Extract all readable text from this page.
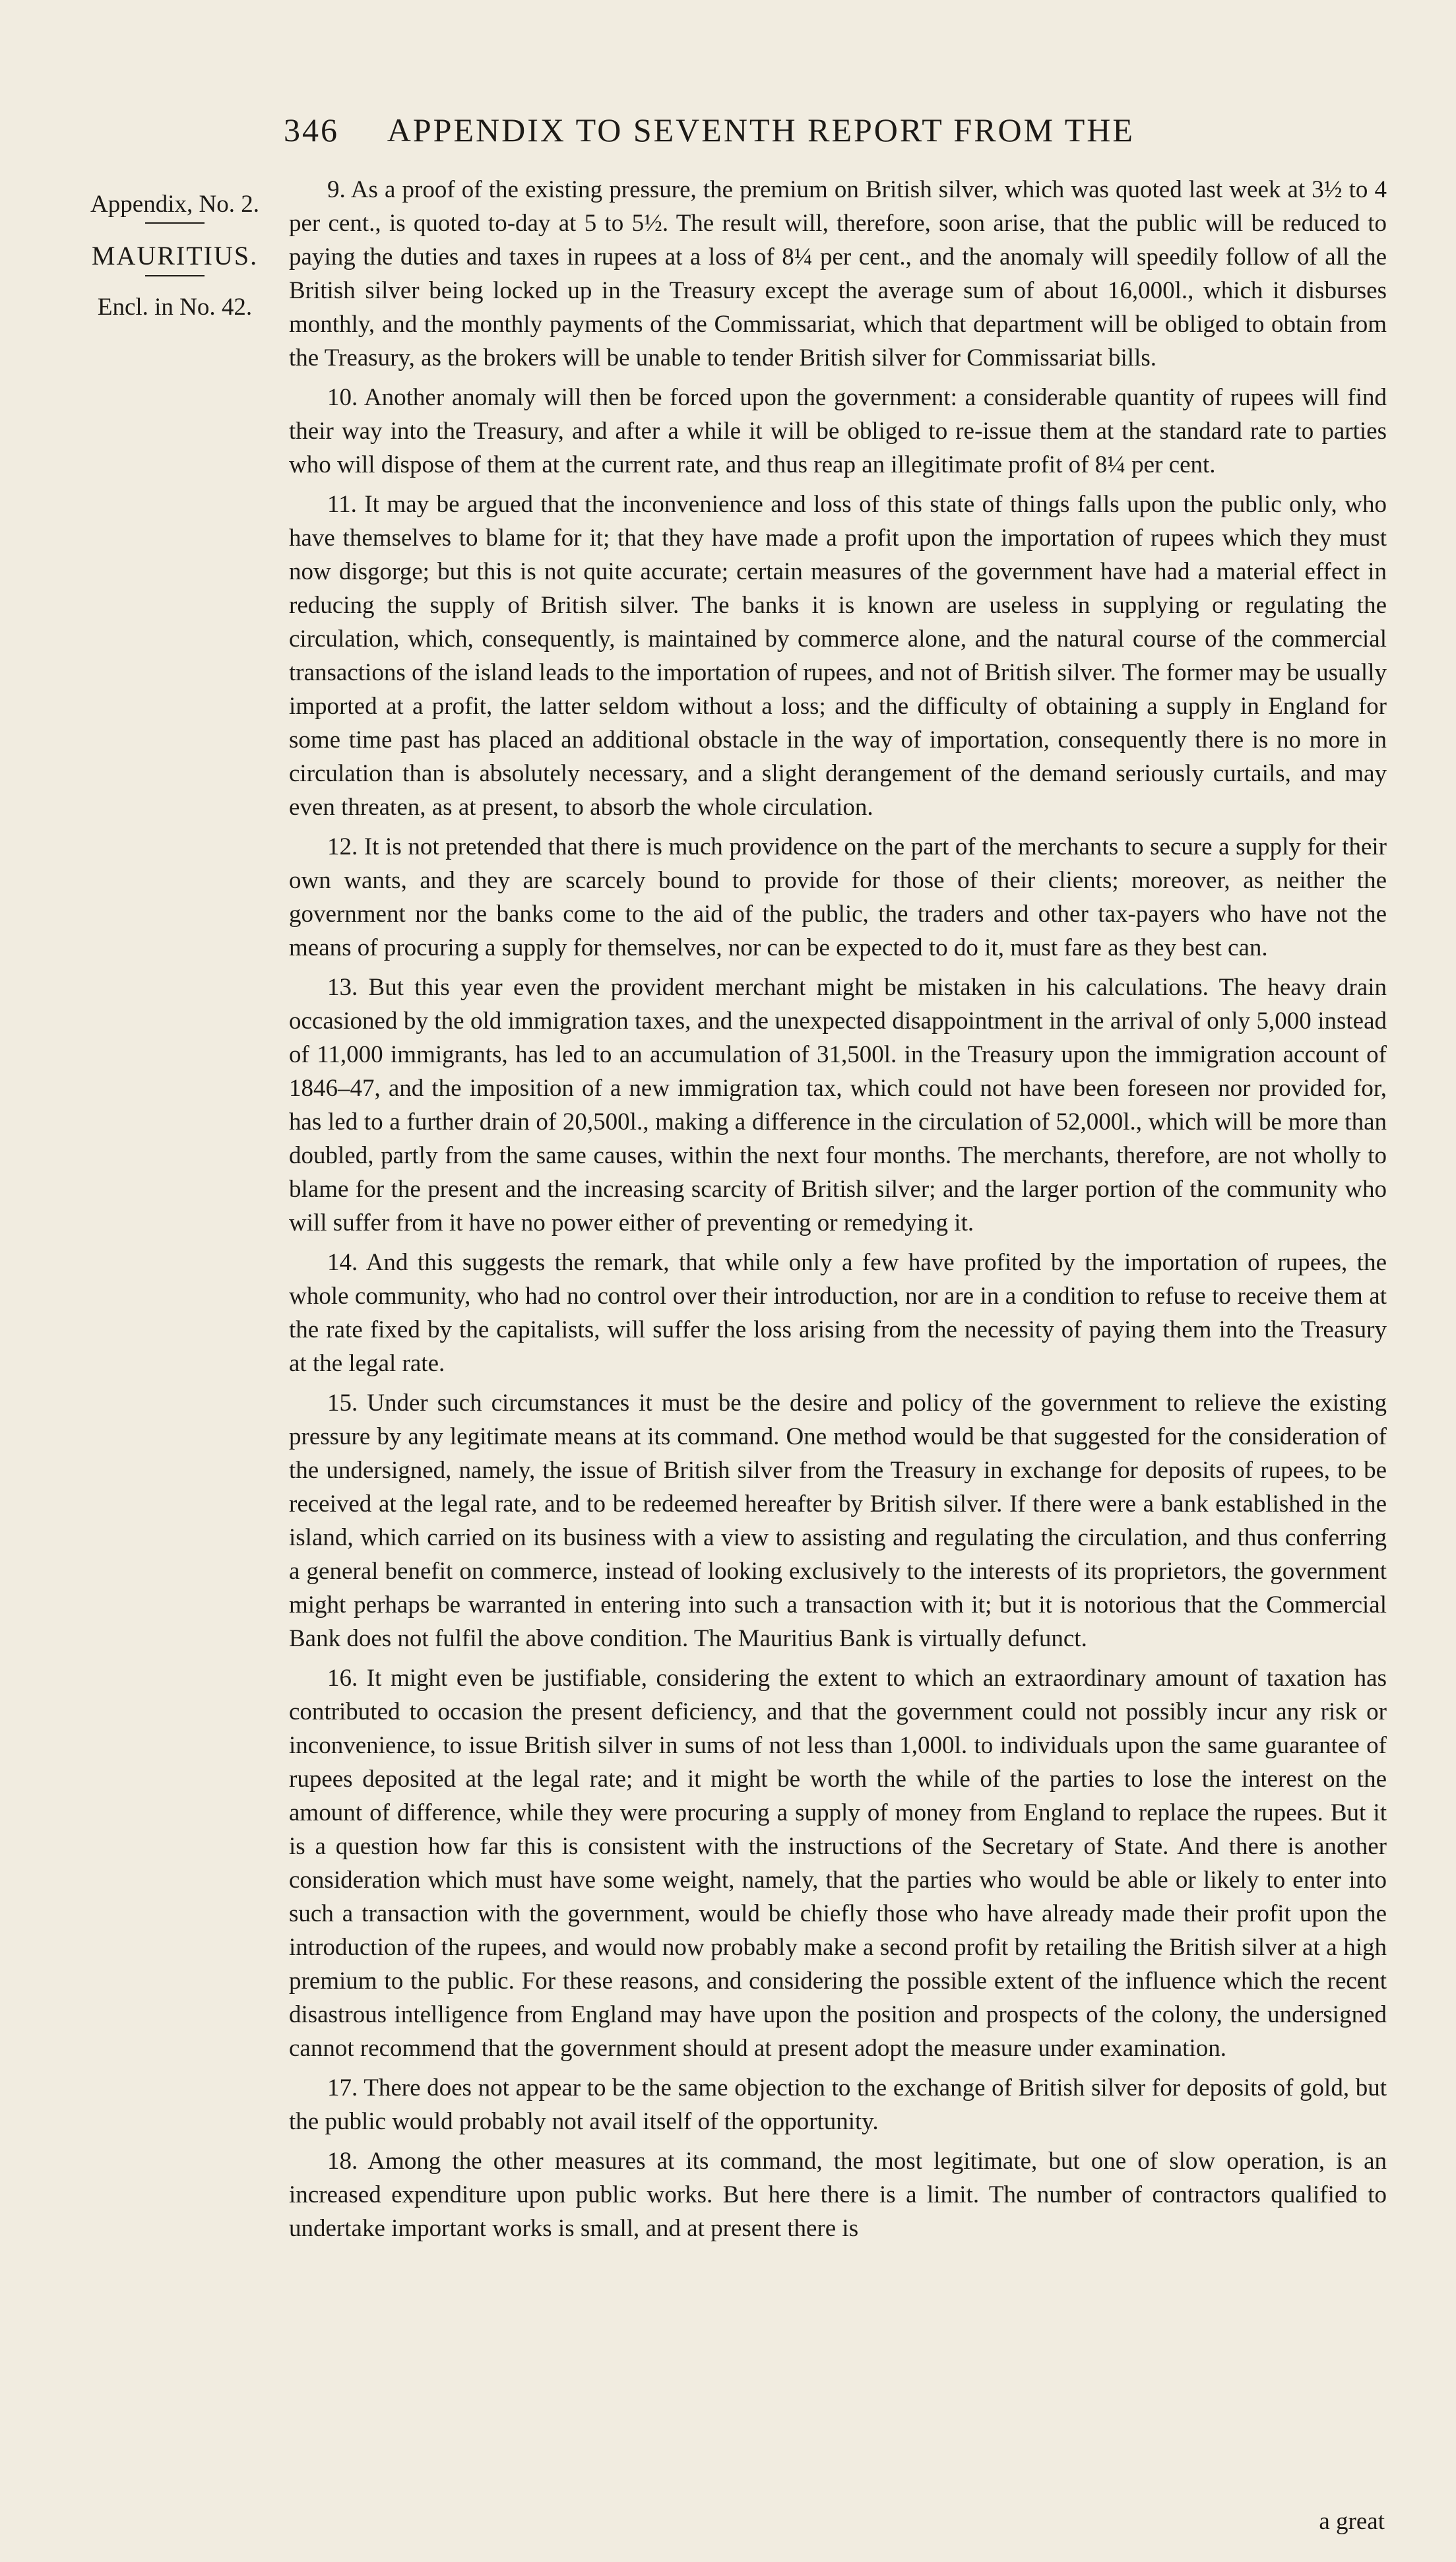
346 APPENDIX TO SEVENTH REPORT FROM THE
Appendix, No. 2.
MAURITIUS.
Encl. in No. 42.

9. As a proof of the existing pressure, the premium on British silver, which was quoted last week at 3½ to 4 per cent., is quoted to-day at 5 to 5½. The result will, therefore, soon arise, that the public will be reduced to paying the duties and taxes in rupees at a loss of 8¼ per cent., and the anomaly will speedily follow of all the British silver being locked up in the Treasury except the average sum of about 16,000l., which it disburses monthly, and the monthly payments of the Commissariat, which that department will be obliged to obtain from the Treasury, as the brokers will be unable to tender British silver for Commissariat bills.

10. Another anomaly will then be forced upon the government: a considerable quantity of rupees will find their way into the Treasury, and after a while it will be obliged to re-issue them at the standard rate to parties who will dispose of them at the current rate, and thus reap an illegitimate profit of 8¼ per cent.

11. It may be argued that the inconvenience and loss of this state of things falls upon the public only, who have themselves to blame for it; that they have made a profit upon the importation of rupees which they must now disgorge; but this is not quite accurate; certain measures of the government have had a material effect in reducing the supply of British silver. The banks it is known are useless in supplying or regulating the circulation, which, consequently, is maintained by commerce alone, and the natural course of the commercial transactions of the island leads to the importation of rupees, and not of British silver. The former may be usually imported at a profit, the latter seldom without a loss; and the difficulty of obtaining a supply in England for some time past has placed an additional obstacle in the way of importation, consequently there is no more in circulation than is absolutely necessary, and a slight derangement of the demand seriously curtails, and may even threaten, as at present, to absorb the whole circulation.

12. It is not pretended that there is much providence on the part of the merchants to secure a supply for their own wants, and they are scarcely bound to provide for those of their clients; moreover, as neither the government nor the banks come to the aid of the public, the traders and other tax-payers who have not the means of procuring a supply for themselves, nor can be expected to do it, must fare as they best can.

13. But this year even the provident merchant might be mistaken in his calculations. The heavy drain occasioned by the old immigration taxes, and the unexpected disappointment in the arrival of only 5,000 instead of 11,000 immigrants, has led to an accumulation of 31,500l. in the Treasury upon the immigration account of 1846–47, and the imposition of a new immigration tax, which could not have been foreseen nor provided for, has led to a further drain of 20,500l., making a difference in the circulation of 52,000l., which will be more than doubled, partly from the same causes, within the next four months. The merchants, therefore, are not wholly to blame for the present and the increasing scarcity of British silver; and the larger portion of the community who will suffer from it have no power either of preventing or remedying it.

14. And this suggests the remark, that while only a few have profited by the importation of rupees, the whole community, who had no control over their introduction, nor are in a condition to refuse to receive them at the rate fixed by the capitalists, will suffer the loss arising from the necessity of paying them into the Treasury at the legal rate.

15. Under such circumstances it must be the desire and policy of the government to relieve the existing pressure by any legitimate means at its command. One method would be that suggested for the consideration of the undersigned, namely, the issue of British silver from the Treasury in exchange for deposits of rupees, to be received at the legal rate, and to be redeemed hereafter by British silver. If there were a bank established in the island, which carried on its business with a view to assisting and regulating the circulation, and thus conferring a general benefit on commerce, instead of looking exclusively to the interests of its proprietors, the government might perhaps be warranted in entering into such a transaction with it; but it is notorious that the Commercial Bank does not fulfil the above condition. The Mauritius Bank is virtually defunct.

16. It might even be justifiable, considering the extent to which an extraordinary amount of taxation has contributed to occasion the present deficiency, and that the government could not possibly incur any risk or inconvenience, to issue British silver in sums of not less than 1,000l. to individuals upon the same guarantee of rupees deposited at the legal rate; and it might be worth the while of the parties to lose the interest on the amount of difference, while they were procuring a supply of money from England to replace the rupees. But it is a question how far this is consistent with the instructions of the Secretary of State. And there is another consideration which must have some weight, namely, that the parties who would be able or likely to enter into such a transaction with the government, would be chiefly those who have already made their profit upon the introduction of the rupees, and would now probably make a second profit by retailing the British silver at a high premium to the public. For these reasons, and considering the possible extent of the influence which the recent disastrous intelligence from England may have upon the position and prospects of the colony, the undersigned cannot recommend that the government should at present adopt the measure under examination.

17. There does not appear to be the same objection to the exchange of British silver for deposits of gold, but the public would probably not avail itself of the opportunity.

18. Among the other measures at its command, the most legitimate, but one of slow operation, is an increased expenditure upon public works. But here there is a limit. The number of contractors qualified to undertake important works is small, and at present there is

a great
